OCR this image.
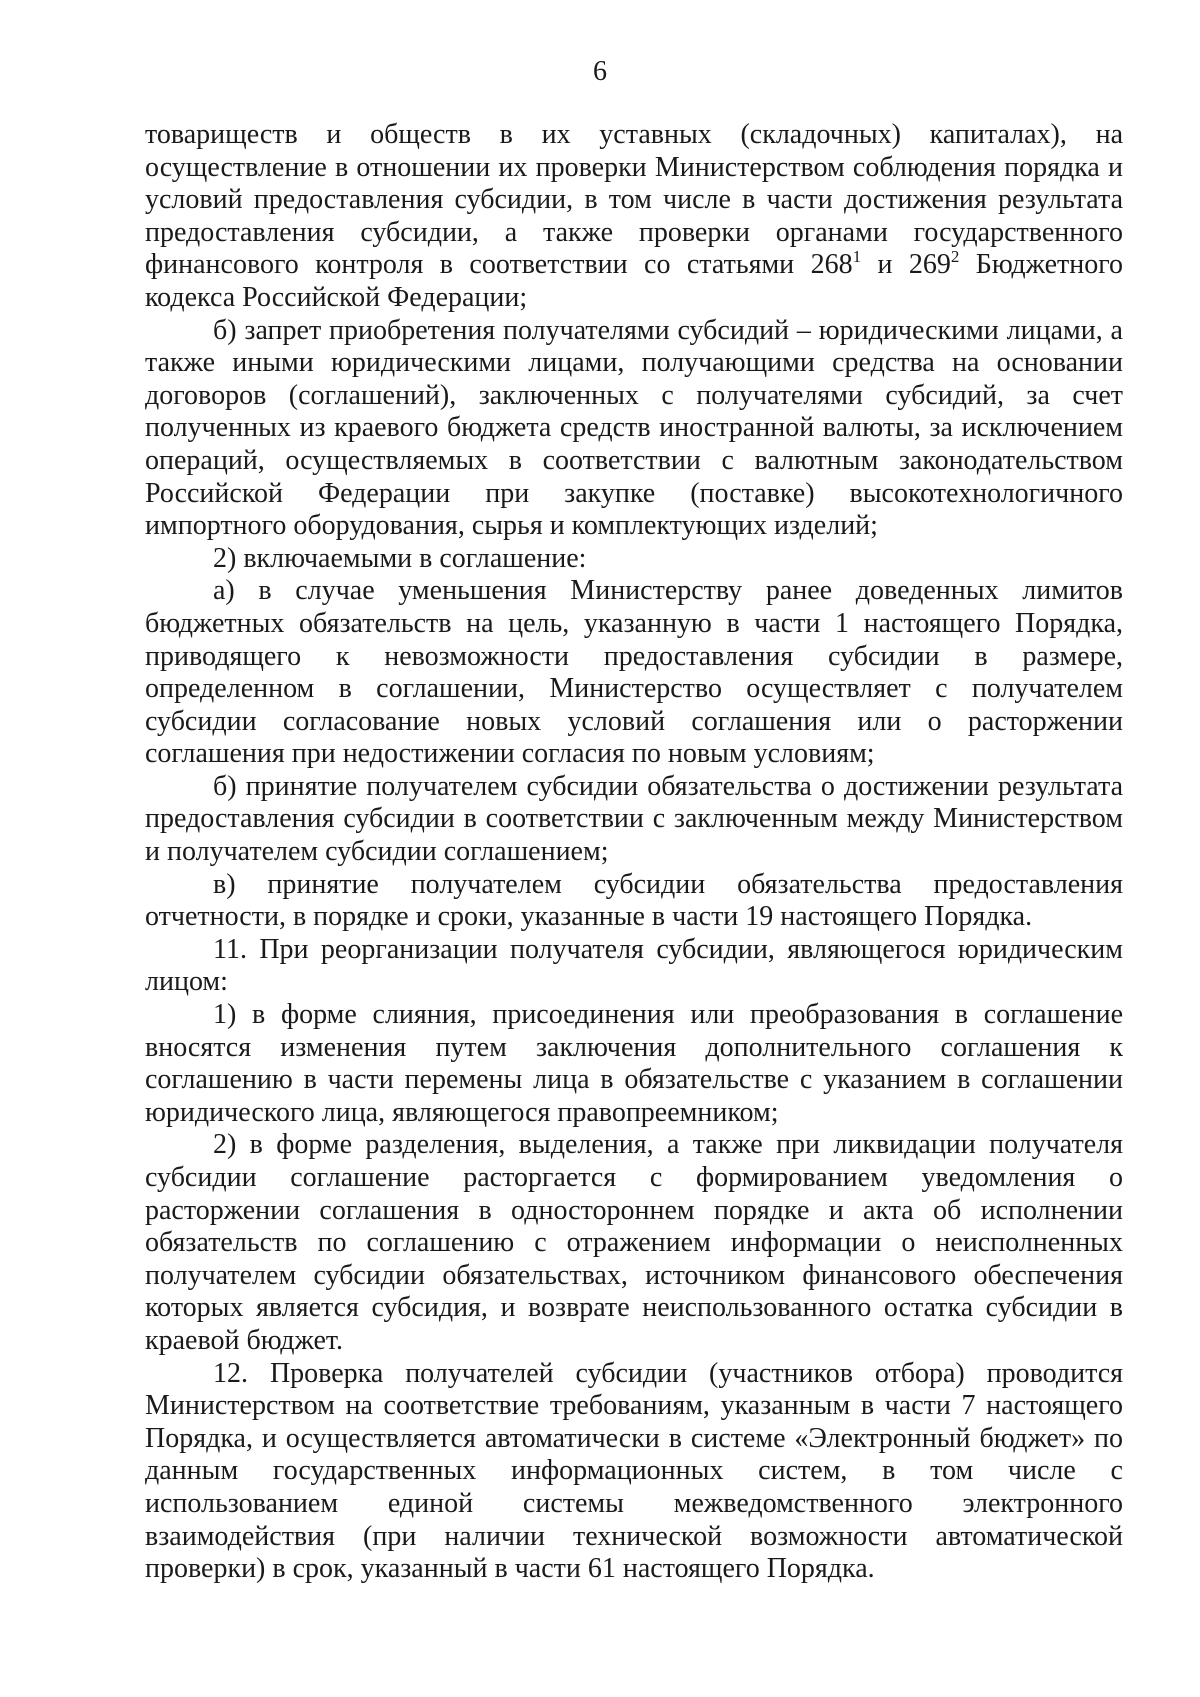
6

товариществ и обществ в их уставных (складочных) капиталах), на осуществление в отношении их проверки Министерством соблюдения порядка и условий предоставления субсидии, в том числе в части достижения результата предоставления субсидии, а также проверки органами государственного финансового контроля в соответствии со статьями $268^1$ и $269^2$ Бюджетного кодекса Российской Федерации;

б) запрет приобретения получателями субсидий – юридическими лицами, а также иными юридическими лицами, получающими средства на основании договоров (соглашений), заключенных с получателями субсидий, за счет полученных из краевого бюджета средств иностранной валюты, за исключением операций, осуществляемых в соответствии с валютным законодательством Российской Федерации при закупке (поставке) высокотехнологичного импортного оборудования, сырья и комплектующих изделий;

2) включаемыми в соглашение:

а) в случае уменьшения Министерству ранее доведенных лимитов бюджетных обязательств на цель, указанную в части 1 настоящего Порядка, приводящего к невозможности предоставления субсидии в размере, определенном в соглашении, Министерство осуществляет с получателем субсидии согласование новых условий соглашения или о расторжении соглашения при недостижении согласия по новым условиям;

б) принятие получателем субсидии обязательства о достижении результата предоставления субсидии в соответствии с заключенным между Министерством и получателем субсидии соглашением;

в) принятие получателем субсидии обязательства предоставления отчетности, в порядке и сроки, указанные в части 19 настоящего Порядка.

11. При реорганизации получателя субсидии, являющегося юридическим лицом:

1) в форме слияния, присоединения или преобразования в соглашение вносятся изменения путем заключения дополнительного соглашения к соглашению в части перемены лица в обязательстве с указанием в соглашении юридического лица, являющегося правопреемником;

2) в форме разделения, выделения, а также при ликвидации получателя субсидии соглашение расторгается с формированием уведомления о расторжении соглашения в одностороннем порядке и акта об исполнении обязательств по соглашению с отражением информации о неисполненных получателем субсидии обязательствах, источником финансового обеспечения которых является субсидия, и возврате неиспользованного остатка субсидии в краевой бюджет.

12. Проверка получателей субсидии (участников отбора) проводится Министерством на соответствие требованиям, указанным в части 7 настоящего Порядка, и осуществляется автоматически в системе «Электронный бюджет» по данным государственных информационных систем, в том числе с использованием единой системы межведомственного электронного взаимодействия (при наличии технической возможности автоматической проверки) в срок, указанный в части 61 настоящего Порядка.
